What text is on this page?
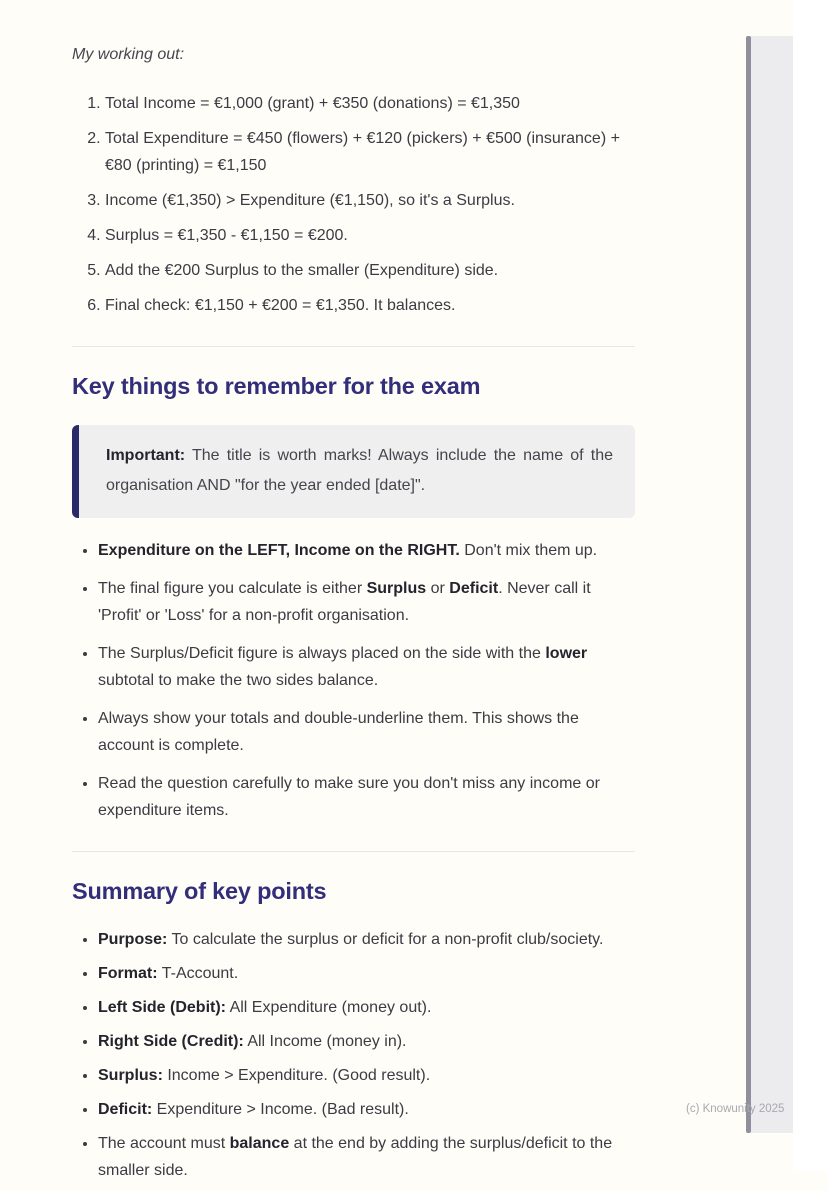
My working out:

1. Total Income = €1,000 (grant) + €350 (donations) = €1,350
2. Total Expenditure = €450 (flowers) + €120 (pickers) + €500 (insurance) + €80 (printing) = €1,150
3. Income (€1,350) > Expenditure (€1,150), so it's a Surplus.
4. Surplus = €1,350 - €1,150 = €200.
5. Add the €200 Surplus to the smaller (Expenditure) side.
6. Final check: €1,150 + €200 = €1,350. It balances.
Key things to remember for the exam

Important: The title is worth marks! Always include the name of the organisation AND "for the year ended [date]".

• Expenditure on the LEFT, Income on the RIGHT. Don't mix them up.
• The final figure you calculate is either Surplus or Deficit. Never call it 'Profit' or 'Loss' for a non-profit organisation.
• The Surplus/Deficit figure is always placed on the side with the lower subtotal to make the two sides balance.
• Always show your totals and double-underline them. This shows the account is complete.
• Read the question carefully to make sure you don't miss any income or expenditure items.
Summary of key points
• Purpose: To calculate the surplus or deficit for a non-profit club/society.
• Format: T-Account.
• Left Side (Debit): All Expenditure (money out).
• Right Side (Credit): All Income (money in).
• Surplus: Income > Expenditure. (Good result).
• Deficit: Expenditure > Income. (Bad result).
• The account must balance at the end by adding the surplus/deficit to the smaller side.
(c) Knowunity 2025
